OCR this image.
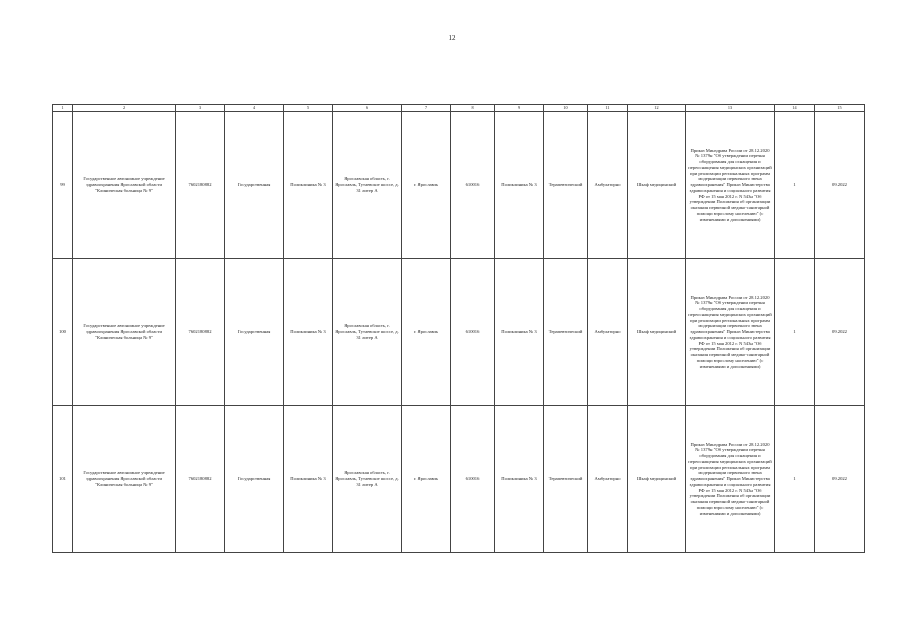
12
1	2	3	4	5	6	7	8	9	10	11	12	13	14	15
99	Государственное автономное учреждение здравоохранения Ярославской области "Клиническая больница № 9"	7602180882	Государственная	Поликлиника № 3	Ярославская область, г. Ярославль, Тутаевское шоссе, д. 31 литер А	г. Ярославль	610016	Поликлиника № 3	Терапевтический	Амбулаторно	Шкаф медицинский	Приказ Минздрава России от 28.12.2020 № 1379н "Об утверждении перечня оборудования для оснащения и переоснащения медицинских организаций при реализации региональных программ модернизации первичного звена здравоохранения" Приказ Министерства здравоохранения и социального развития РФ от 15 мая 2012 г. N 543н "Об утверждении Положения об организации оказания первичной медико-санитарной помощи взрослому населению" (с изменениями и дополнениями)	1	09.2022
100	Государственное автономное учреждение здравоохранения Ярославской области "Клиническая больница № 9"	7602180882	Государственная	Поликлиника № 3	Ярославская область, г. Ярославль, Тутаевское шоссе, д. 31 литер А	г. Ярославль	610016	Поликлиника № 3	Терапевтический	Амбулаторно	Шкаф медицинский	Приказ Минздрава России от 28.12.2020 № 1379н "Об утверждении перечня оборудования для оснащения и переоснащения медицинских организаций при реализации региональных программ модернизации первичного звена здравоохранения" Приказ Министерства здравоохранения и социального развития РФ от 15 мая 2012 г. N 543н "Об утверждении Положения об организации оказания первичной медико-санитарной помощи взрослому населению" (с изменениями и дополнениями)	1	09.2022
101	Государственное автономное учреждение здравоохранения Ярославской области "Клиническая больница № 9"	7602180882	Государственная	Поликлиника № 3	Ярославская область, г. Ярославль, Тутаевское шоссе, д. 31 литер А	г. Ярославль	610016	Поликлиника № 3	Терапевтический	Амбулаторно	Шкаф медицинский	Приказ Минздрава России от 28.12.2020 № 1379н "Об утверждении перечня оборудования для оснащения и переоснащения медицинских организаций при реализации региональных программ модернизации первичного звена здравоохранения" Приказ Министерства здравоохранения и социального развития РФ от 15 мая 2012 г. N 543н "Об утверждении Положения об организации оказания первичной медико-санитарной помощи взрослому населению" (с изменениями и дополнениями)	1	09.2022
